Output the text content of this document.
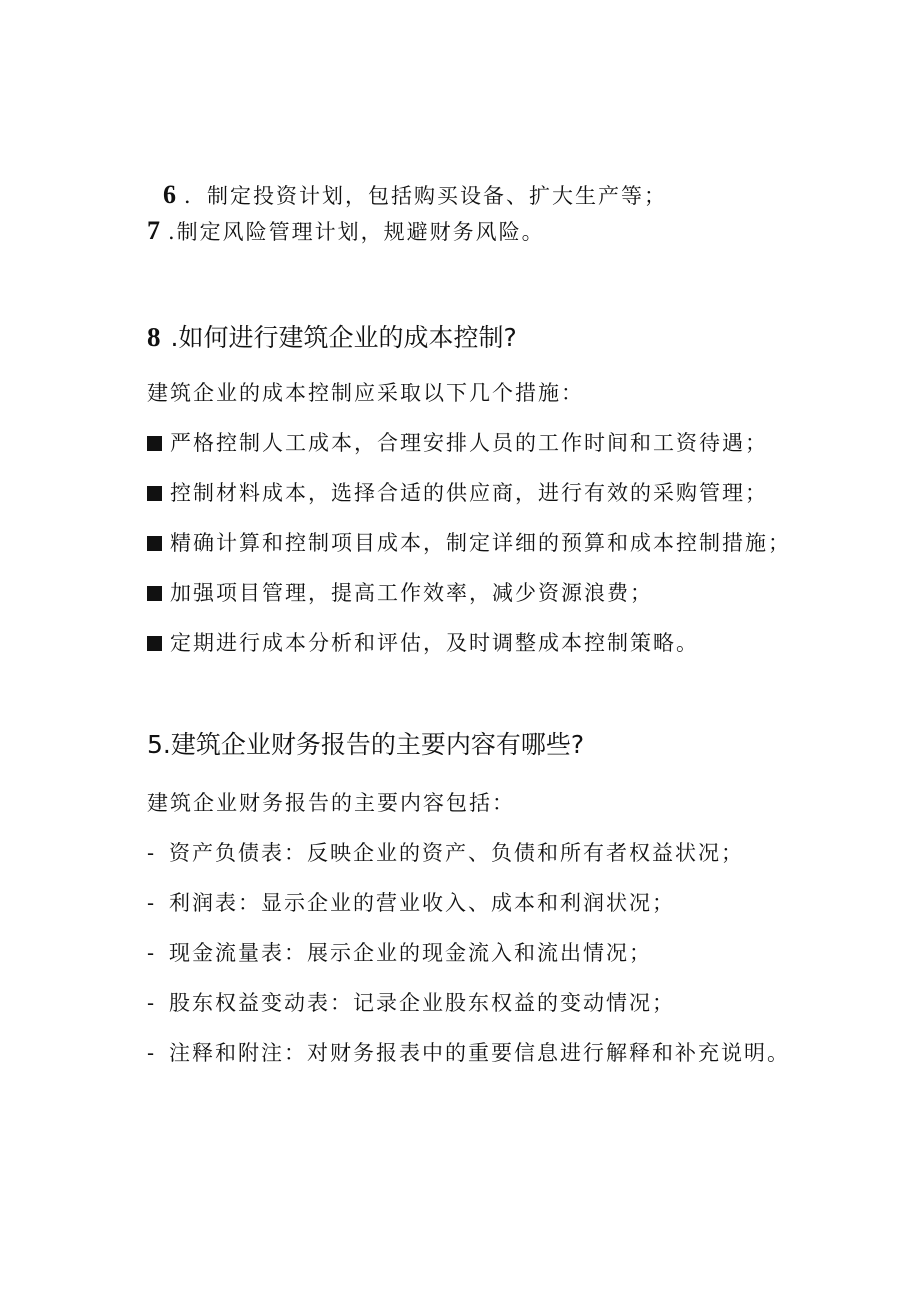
6 ．制定投资计划，包括购买设备、扩大生产等；
7 .制定风险管理计划，规避财务风险。
8 .如何进行建筑企业的成本控制?
建筑企业的成本控制应采取以下几个措施：
严格控制人工成本，合理安排人员的工作时间和工资待遇；
控制材料成本，选择合适的供应商，进行有效的采购管理；
精确计算和控制项目成本，制定详细的预算和成本控制措施；
加强项目管理，提高工作效率，减少资源浪费；
定期进行成本分析和评估，及时调整成本控制策略。
5.建筑企业财务报告的主要内容有哪些?
建筑企业财务报告的主要内容包括：
- 资产负债表：反映企业的资产、负债和所有者权益状况；
- 利润表：显示企业的营业收入、成本和利润状况；
- 现金流量表：展示企业的现金流入和流出情况；
- 股东权益变动表：记录企业股东权益的变动情况；
- 注释和附注：对财务报表中的重要信息进行解释和补充说明。
